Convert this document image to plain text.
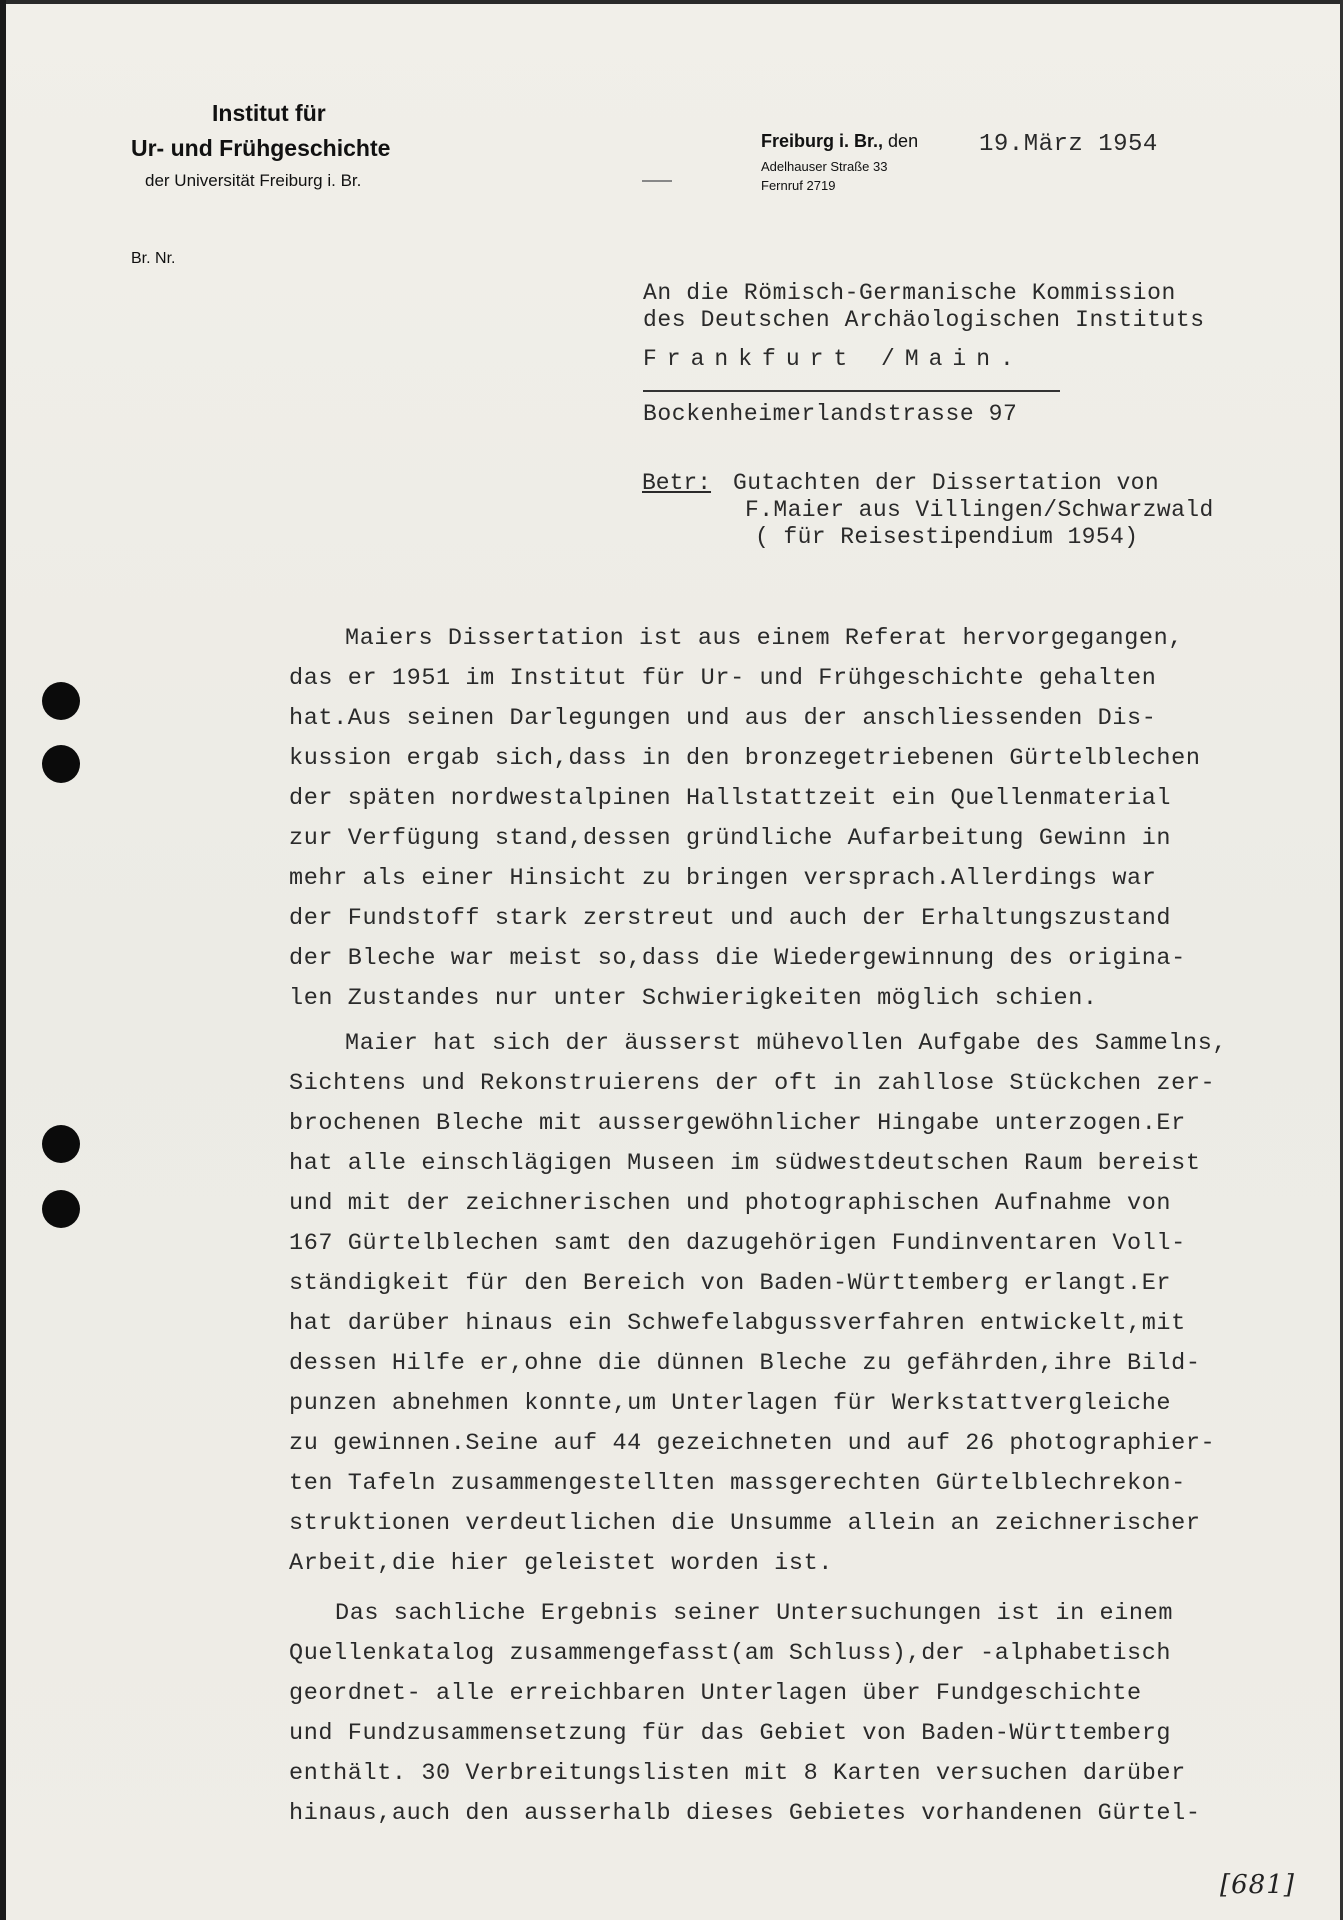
Institut für
Ur- und Frühgeschichte
der Universität Freiburg i. Br.
Br. Nr.
Freiburg i. Br., den
Adelhauser Straße 33
Fernruf 2719
19.März 1954
An die Römisch-Germanische Kommission
des Deutschen Archäologischen Instituts
Frankfurt /Main.
Bockenheimerlandstrasse 97
Betr: Gutachten der Dissertation von
F.Maier aus Villingen/Schwarzwald
( für Reisestipendium 1954)
Maiers Dissertation ist aus einem Referat hervorgegangen,
das er 1951 im Institut für Ur- und Frühgeschichte gehalten
hat.Aus seinen Darlegungen und aus der anschliessenden Dis-
kussion ergab sich,dass in den bronzegetriebenen Gürtelblechen
der späten nordwestalpinen Hallstattzeit ein Quellenmaterial
zur Verfügung stand,dessen gründliche Aufarbeitung Gewinn in
mehr als einer Hinsicht zu bringen versprach.Allerdings war
der Fundstoff stark zerstreut und auch der Erhaltungszustand
der Bleche war meist so,dass die Wiedergewinnung des origina-
len Zustandes nur unter Schwierigkeiten möglich schien.
Maier hat sich der äusserst mühevollen Aufgabe des Sammelns,
Sichtens und Rekonstruierens der oft in zahllose Stückchen zer-
brochenen Bleche mit aussergewöhnlicher Hingabe unterzogen.Er
hat alle einschlägigen Museen im südwestdeutschen Raum bereist
und mit der zeichnerischen und photographischen Aufnahme von
167 Gürtelblechen samt den dazugehörigen Fundinventaren Voll-
ständigkeit für den Bereich von Baden-Württemberg erlangt.Er
hat darüber hinaus ein Schwefelabgussverfahren entwickelt,mit
dessen Hilfe er,ohne die dünnen Bleche zu gefährden,ihre Bild-
punzen abnehmen konnte,um Unterlagen für Werkstattvergleiche
zu gewinnen.Seine auf 44 gezeichneten und auf 26 photographier-
ten Tafeln zusammengestellten massgerechten Gürtelblechrekon-
struktionen verdeutlichen die Unsumme allein an zeichnerischer
Arbeit,die hier geleistet worden ist.
Das sachliche Ergebnis seiner Untersuchungen ist in einem
Quellenkatalog zusammengefasst(am Schluss),der -alphabetisch
geordnet- alle erreichbaren Unterlagen über Fundgeschichte
und Fundzusammensetzung für das Gebiet von Baden-Württemberg
enthält. 30 Verbreitungslisten mit 8 Karten versuchen darüber
hinaus,auch den ausserhalb dieses Gebietes vorhandenen Gürtel-
[681]
